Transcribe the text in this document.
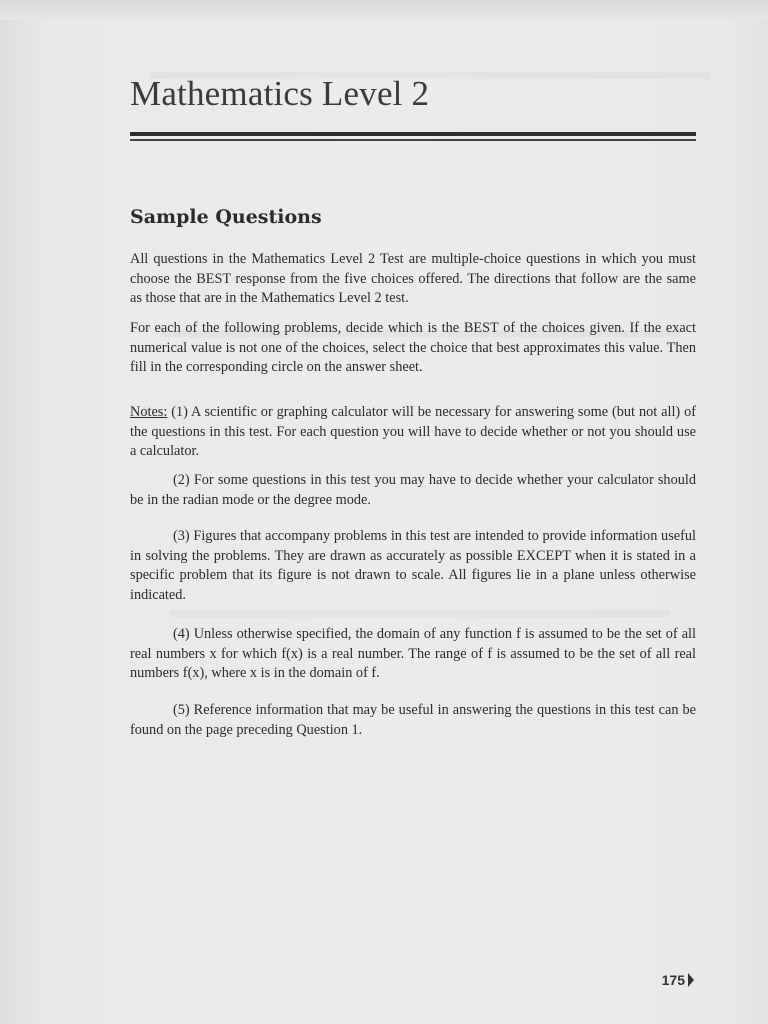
Mathematics Level 2
Sample Questions

All questions in the Mathematics Level 2 Test are multiple-choice questions in which you must choose the BEST response from the five choices offered. The directions that follow are the same as those that are in the Mathematics Level 2 test.

For each of the following problems, decide which is the BEST of the choices given. If the exact numerical value is not one of the choices, select the choice that best approximates this value. Then fill in the corresponding circle on the answer sheet.

Notes: (1) A scientific or graphing calculator will be necessary for answering some (but not all) of the questions in this test. For each question you will have to decide whether or not you should use a calculator.

(2) For some questions in this test you may have to decide whether your calculator should be in the radian mode or the degree mode.

(3) Figures that accompany problems in this test are intended to provide information useful in solving the problems. They are drawn as accurately as possible EXCEPT when it is stated in a specific problem that its figure is not drawn to scale. All figures lie in a plane unless otherwise indicated.

(4) Unless otherwise specified, the domain of any function f is assumed to be the set of all real numbers x for which f(x) is a real number. The range of f is assumed to be the set of all real numbers f(x), where x is in the domain of f.

(5) Reference information that may be useful in answering the questions in this test can be found on the page preceding Question 1.

175
